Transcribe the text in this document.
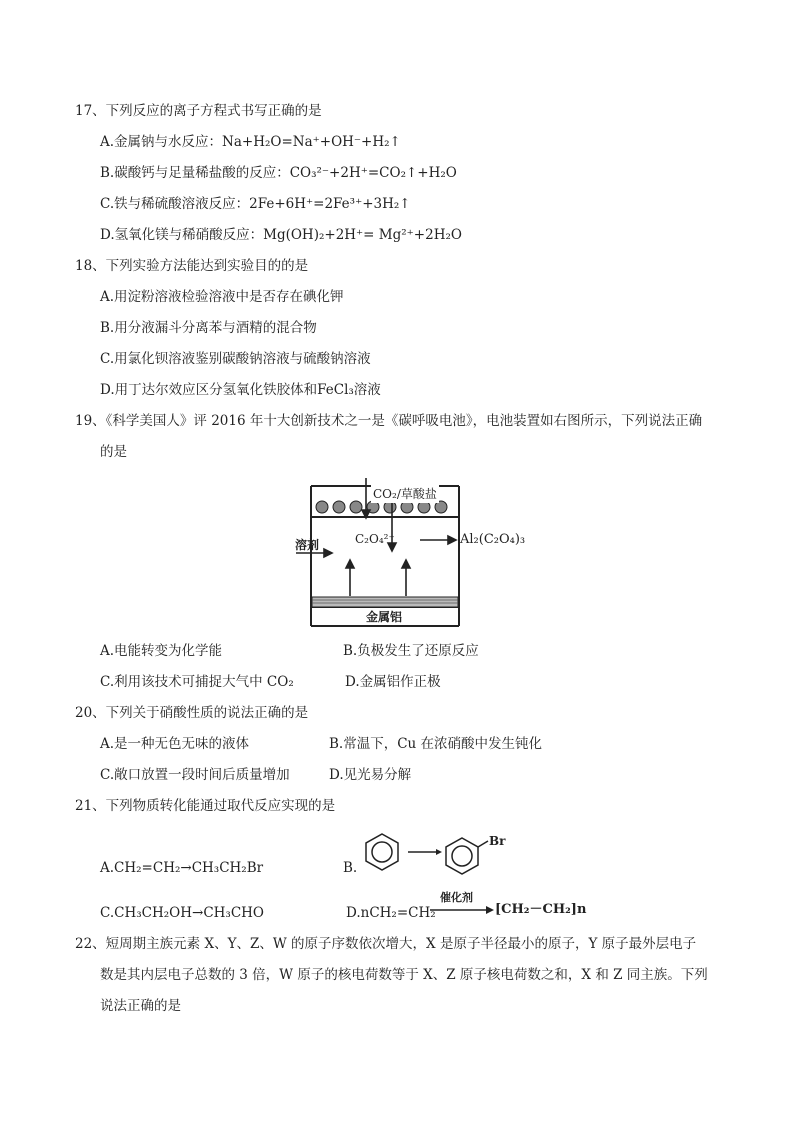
17、下列反应的离子方程式书写正确的是
A.金属钠与水反应：Na+H₂O=Na⁺+OH⁻+H₂↑
B.碳酸钙与足量稀盐酸的反应：CO₃²⁻+2H⁺=CO₂↑+H₂O
C.铁与稀硫酸溶液反应：2Fe+6H⁺=2Fe³⁺+3H₂↑
D.氢氧化镁与稀硝酸反应：Mg(OH)₂+2H⁺= Mg²⁺+2H₂O
18、下列实验方法能达到实验目的的是
A.用淀粉溶液检验溶液中是否存在碘化钾
B.用分液漏斗分离苯与酒精的混合物
C.用氯化钡溶液鉴别碳酸钠溶液与硫酸钠溶液
D.用丁达尔效应区分氢氧化铁胶体和FeCl₃溶液
19、《科学美国人》评 2016 年十大创新技术之一是《碳呼吸电池》，电池装置如右图所示，下列说法正确
的是
CO₂/草酸盐
C₂O₄²⁻
溶剂	Al₂(C₂O₄)₃
金属铝
A.电能转变为化学能	B.负极发生了还原反应
C.利用该技术可捕捉大气中 CO₂	D.金属铝作正极
20、下列关于硝酸性质的说法正确的是
A.是一种无色无味的液体	B.常温下，Cu 在浓硝酸中发生钝化
C.敞口放置一段时间后质量增加	D.见光易分解
21、下列物质转化能通过取代反应实现的是
A.CH₂=CH₂→CH₃CH₂Br	B.
Br
C.CH₃CH₂OH→CH₃CHO	D.nCH₂=CH₂
催化剂
[CH₂－CH₂]n
22、短周期主族元素 X、Y、Z、W 的原子序数依次增大，X 是原子半径最小的原子，Y 原子最外层电子
数是其内层电子总数的 3 倍，W 原子的核电荷数等于 X、Z 原子核电荷数之和，X 和 Z 同主族。下列
说法正确的是
